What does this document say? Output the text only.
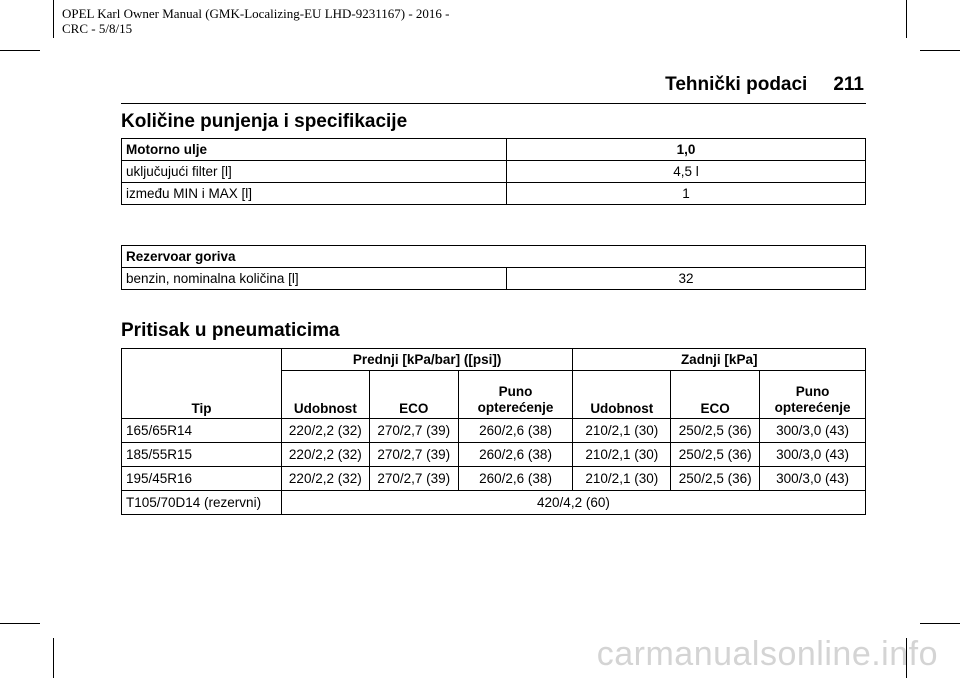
OPEL Karl Owner Manual (GMK-Localizing-EU LHD-9231167) - 2016 -
CRC - 5/8/15
Tehnički podaci 211
Količine punjenja i specifikacije
Motorno ulje	1,0
uključujući filter [l]	4,5 l
između MIN i MAX [l]	1
Rezervoar goriva
benzin, nominalna količina [l]	32
Pritisak u pneumaticima
Tip	Prednji [kPa/bar] ([psi])			Zadnji [kPa]		
	Udobnost	ECO	Puno opterećenje	Udobnost	ECO	Puno opterećenje
165/65R14	220/2,2 (32)	270/2,7 (39)	260/2,6 (38)	210/2,1 (30)	250/2,5 (36)	300/3,0 (43)
185/55R15	220/2,2 (32)	270/2,7 (39)	260/2,6 (38)	210/2,1 (30)	250/2,5 (36)	300/3,0 (43)
195/45R16	220/2,2 (32)	270/2,7 (39)	260/2,6 (38)	210/2,1 (30)	250/2,5 (36)	300/3,0 (43)
T105/70D14 (rezervni)	420/4,2 (60)					
carmanualsonline.info
